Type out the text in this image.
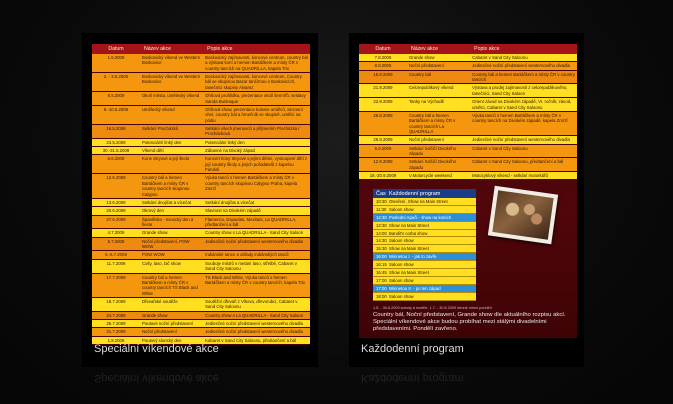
Datum	Název akce	Popis akce
1.5.2009	Boskovický víkend ve Western Boskovice	Boskovický zajímavosti, koncové centrum, country bál a výstava koní a hemen Bartáčkem a místy ČR v country tancích na QUADRILLA, kapela Trix
2. - 3.5.2009	Boskovický víkend ve Western Boskovice	Boskovický zajímavosti, koncové centrum, Country bál se skupinou Bazar tančírnou v Boskovicích, tanečníci skupiny Alvarez
8.5.2009	Okolí města, umělecký víkend	Ohňová prohlídka, prezentace okolí šermířů, sestavy Sanda Burlesque
9.-10.5.2009	Umělecký víkend	Ohňová show, prezentace kolonie umělců, Sezonní ohni, country bál a hrnečník ve skupině, umělci na pódiu
16.5.2009	Setkání Procházků	Setkání všech jmenovců a příjmením Procházka / Procházková
23.5.2009	Potenciální linký den	Potenciální linký den
30.-31.5.2009	Víkend dětí	Zábavné na Divoký západ
6.6.2009	Kone Stryové a její škola	Koncert Ilony Stryové s jejími dětmi, vystoupení dětí z její country školy a jiných pořadatelů z kapelou Fandoli
12.6.2009	Country bál a hemen Bartáčkem a místy ČR v country tancích skupinou Calypso	Výuka tanců s hemen Bartáčkem a místy ČR v country tancích skupinou Calypso Praha, kapela Zmrzl
13.6.2009	Setkání dnojičat a vícečat	Setkání dnojičat a vícečat
20.6.2009	Okrový den	Slavnost na Divokém západě
27.6.2009	Španělsko - mexický den a fiesta	Flamenco, Espuelas, Mexitani, La QUADRILLA, předtančení a bál
4.7.2009	Grande show	Country show s La QUADRILLA - Sand City Saloon
5.7.2009	Noční představení, POW WOW	Jedinečné noční představení westernového divadla
5.-6.7.2009	POW WOW	Indiánské tance a obřady indiánských tanců
11.7.2009	Colty, laso, bič show	Souboje mistrů v metání laso, střelbě, Cabaret v Sand City Saloonu
17.7.2009	Country bál a hemen Bartáčkem a místy ČR v country tancích TS Black and White	TS Black and White, Výuka tanců s hemen Bartáčkem a místy ČR v country tancích, kapela Trix
18.7.2009	Dřevařské soutěže	Soutěžní dřevaři z Vlkova, dřevorubci, Cabaret v Sand City Saloonu
24.7.2009	Grande show	Country show s La QUADRILLA - Sand City Saloon
25.7.2009	Poutové noční představení	Jedinečné noční představení westernového divadla
31.7.2009	Noční představení	Jedinečné noční představení westernového divadla
1.8.2009	Poutový slunský den	Kabaret v Sand City Saloonu, předtančení a bál
Speciální víkendové akce
Datum	Název akce	Popis akce
7.8.2009	Grande show	Cabaret v Sand City Saloonu
8.8.2009	Noční představení	Jedinečné noční představení westernového divadla
15.8.2009	Country bál	Country bál a hemen Bartáčkem a místy ČR v country tancích
21.8.2009	Celorepublikový víkend	Výstava a prodej zajímavostí z celorepublikového, tanečníci, Sand City Saloon
22.8.2009	Tanky na Východě	Orient závod na Divokém západě, VI. ročník; závod, umělci, Cabaret v Sand City Saloonu
28.8.2009	Country bál a hemen Bartáčkem a místy ČR v country tancích La QUADRILLA	Výuka tanců s hemen Bartáčkem a místy ČR v country tancích na Divokém západě, kapela Zmrzl
29.8.2009	Noční představení	Jedinečné noční představení westernového divadla
5.9.2009	Setkání holčičí Divokého západu	Cabaret v Sand City Saloonu
12.9.2009	Setkání holčičí Divokého západu	Cabaret v Sand City Saloonu, předtančení a bál
18.-20.9.2009	V.Motorcycle weekend	Motocyklový víkend - setkání motorkářů
Čas Každodenní program
10:30 Otevření, Show na Main Street
11:30 Saloon show
12:30 Poslední Apači - show na koních
13:30 Show na Main Street
14:00 Bandit's corba show
14:30 Saloon show
15:30 Show na Main Street
16:00 Winnetou I. - jak to zavře
16:15 Saloon show
16:45 Show na Main Street
17:00 Saloon show
17:00 Winnetou II. - po ten západ
18:00 Saloon show
1.5. - 30.6.2009 soboty a neděle, 1.7. - 30.8.2009 denně mimo pondělí
Country bál, Noční představení, Grande show dle aktuálního rozpisu akcí. Speciální víkendové akce budou probíhat mezi stálými divadelními představeními. Pondělí zavřeno.
Každodenní program
Speciální víkendové akce	Každodenní program
